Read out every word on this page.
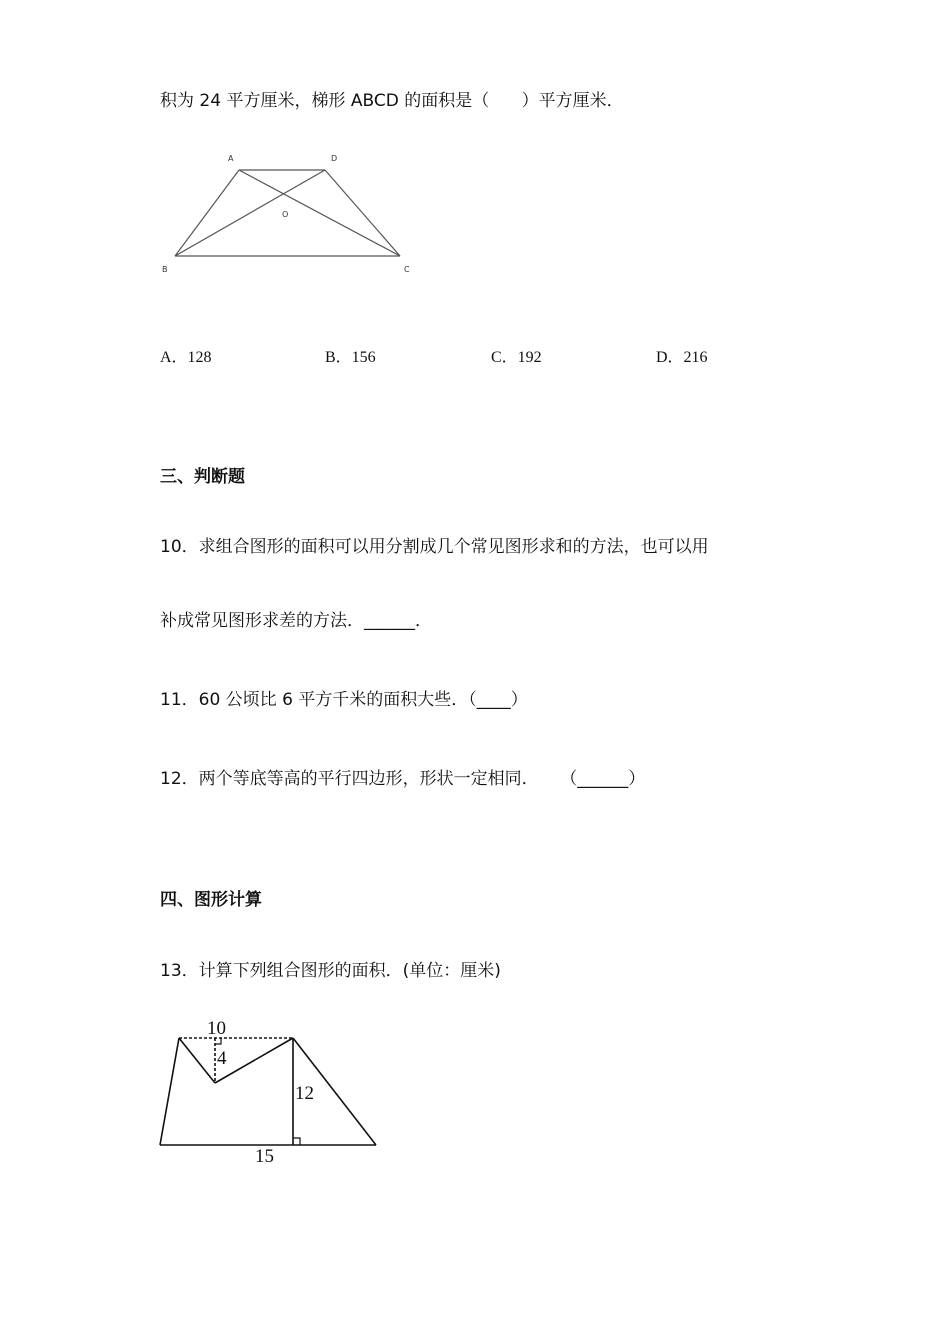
积为 24 平方厘米，梯形 ABCD 的面积是（      ）平方厘米．
A	D
B	C
O
A．128	B．156	C．192	D．216
三、判断题
10．求组合图形的面积可以用分割成几个常见图形求和的方法，也可以用
补成常见图形求差的方法．______．
11．60 公顷比 6 平方千米的面积大些．（____）
12．两个等底等高的平行四边形，形状一定相同．    （______）
四、图形计算
13．计算下列组合图形的面积．(单位：厘米)
10
4
12
15
